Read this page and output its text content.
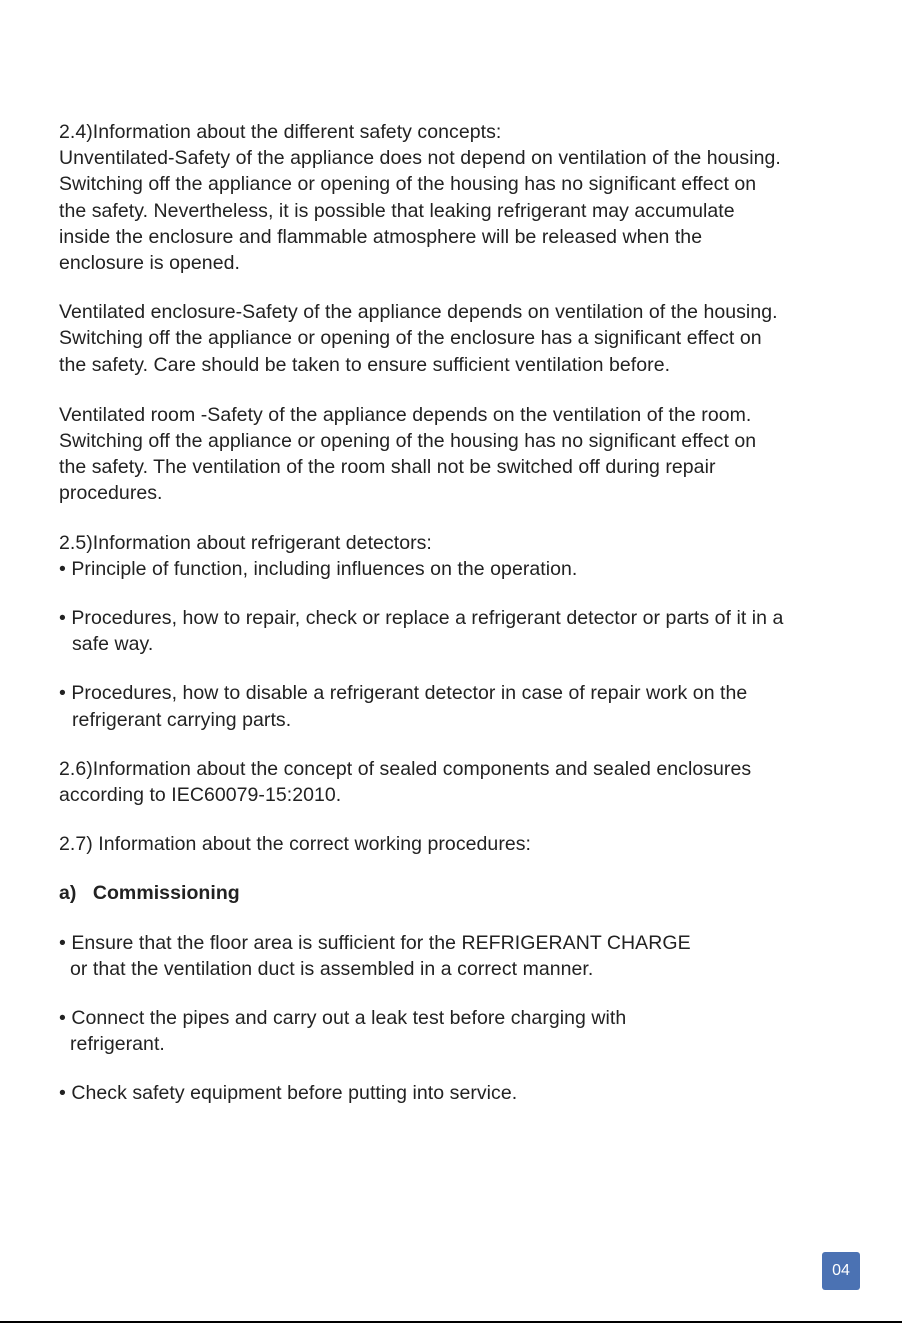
2.4)Information about the different safety concepts:
Unventilated-Safety of the appliance does not depend on ventilation of the housing.
Switching off the appliance or opening of the housing has no significant effect on
the safety. Nevertheless, it is possible that leaking refrigerant may accumulate
inside the enclosure and flammable atmosphere will be released when the
enclosure is opened.
Ventilated enclosure-Safety of the appliance depends on ventilation of the housing.
Switching off the appliance or opening of the enclosure has a significant effect on
the safety. Care should be taken to ensure sufficient ventilation before.
Ventilated room -Safety of the appliance depends on the ventilation of the room.
Switching off the appliance or opening of the housing has no significant effect on
the safety. The ventilation of the room shall not be switched off during repair
procedures.
2.5)Information about refrigerant detectors:
• Principle of function, including influences on the operation.
• Procedures, how to repair, check or replace a refrigerant detector or parts of it in a
safe way.
• Procedures, how to disable a refrigerant detector in case of repair work on the
refrigerant carrying parts.
2.6)Information about the concept of sealed components and sealed enclosures
according to IEC60079-15:2010.
2.7) Information about the correct working procedures:
a)   Commissioning
• Ensure that the floor area is sufficient for the REFRIGERANT CHARGE
or that the ventilation duct is assembled in a correct manner.
• Connect the pipes and carry out a leak test before charging with
refrigerant.
• Check safety equipment before putting into service.
04
